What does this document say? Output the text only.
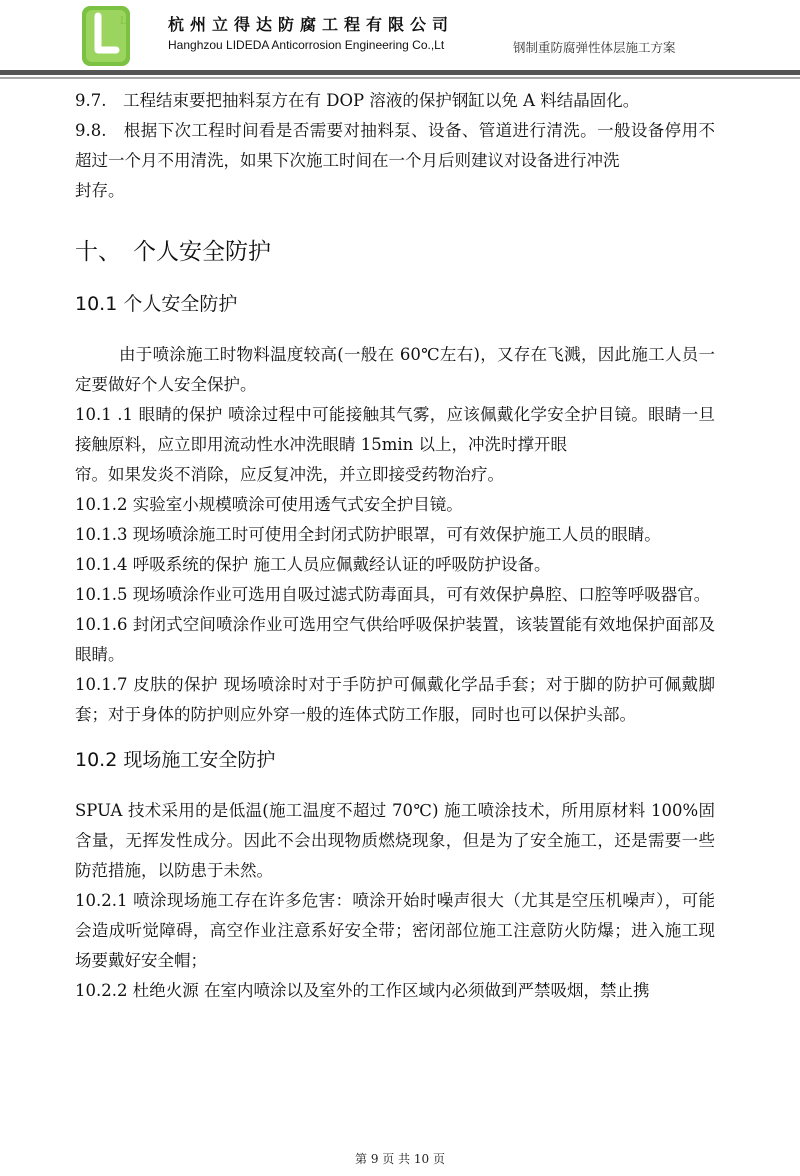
L	杭州立得达防腐工程有限公司
Hanghzou LIDEDA Anticorrosion Engineering Co.,Lt	钢制重防腐弹性体层施工方案

9.7.　工程结束要把抽料泵方在有 DOP 溶液的保护钢缸以免 A 料结晶固化。

9.8.　根据下次工程时间看是否需要对抽料泵、设备、管道进行清洗。一般设备停用不超过一个月不用清洗，如果下次施工时间在一个月后则建议对设备进行冲洗

封存。

十、 个人安全防护
10.1 个人安全防护

由于喷涂施工时物料温度较高(一般在 60℃左右)，又存在飞溅，因此施工人员一定要做好个人安全保护。

10.1 .1 眼睛的保护 喷涂过程中可能接触其气雾，应该佩戴化学安全护目镜。眼睛一旦接触原料，应立即用流动性水冲洗眼睛 15min 以上，冲洗时撑开眼

帘。如果发炎不消除，应反复冲洗，并立即接受药物治疗。

10.1.2 实验室小规模喷涂可使用透气式安全护目镜。

10.1.3 现场喷涂施工时可使用全封闭式防护眼罩，可有效保护施工人员的眼睛。

10.1.4 呼吸系统的保护 施工人员应佩戴经认证的呼吸防护设备。

10.1.5 现场喷涂作业可选用自吸过滤式防毒面具，可有效保护鼻腔、口腔等呼吸器官。

10.1.6 封闭式空间喷涂作业可选用空气供给呼吸保护装置，该装置能有效地保护面部及眼睛。

10.1.7 皮肤的保护 现场喷涂时对于手防护可佩戴化学品手套；对于脚的防护可佩戴脚套；对于身体的防护则应外穿一般的连体式防工作服，同时也可以保护头部。

10.2 现场施工安全防护

SPUA 技术采用的是低温(施工温度不超过 70℃) 施工喷涂技术，所用原材料 100%固含量，无挥发性成分。因此不会出现物质燃烧现象，但是为了安全施工，还是需要一些防范措施，以防患于未然。

10.2.1 喷涂现场施工存在许多危害：喷涂开始时噪声很大（尤其是空压机噪声），可能会造成听觉障碍，高空作业注意系好安全带；密闭部位施工注意防火防爆；进入施工现场要戴好安全帽；

10.2.2 杜绝火源 在室内喷涂以及室外的工作区域内必须做到严禁吸烟，禁止携

第 9 页 共 10 页
